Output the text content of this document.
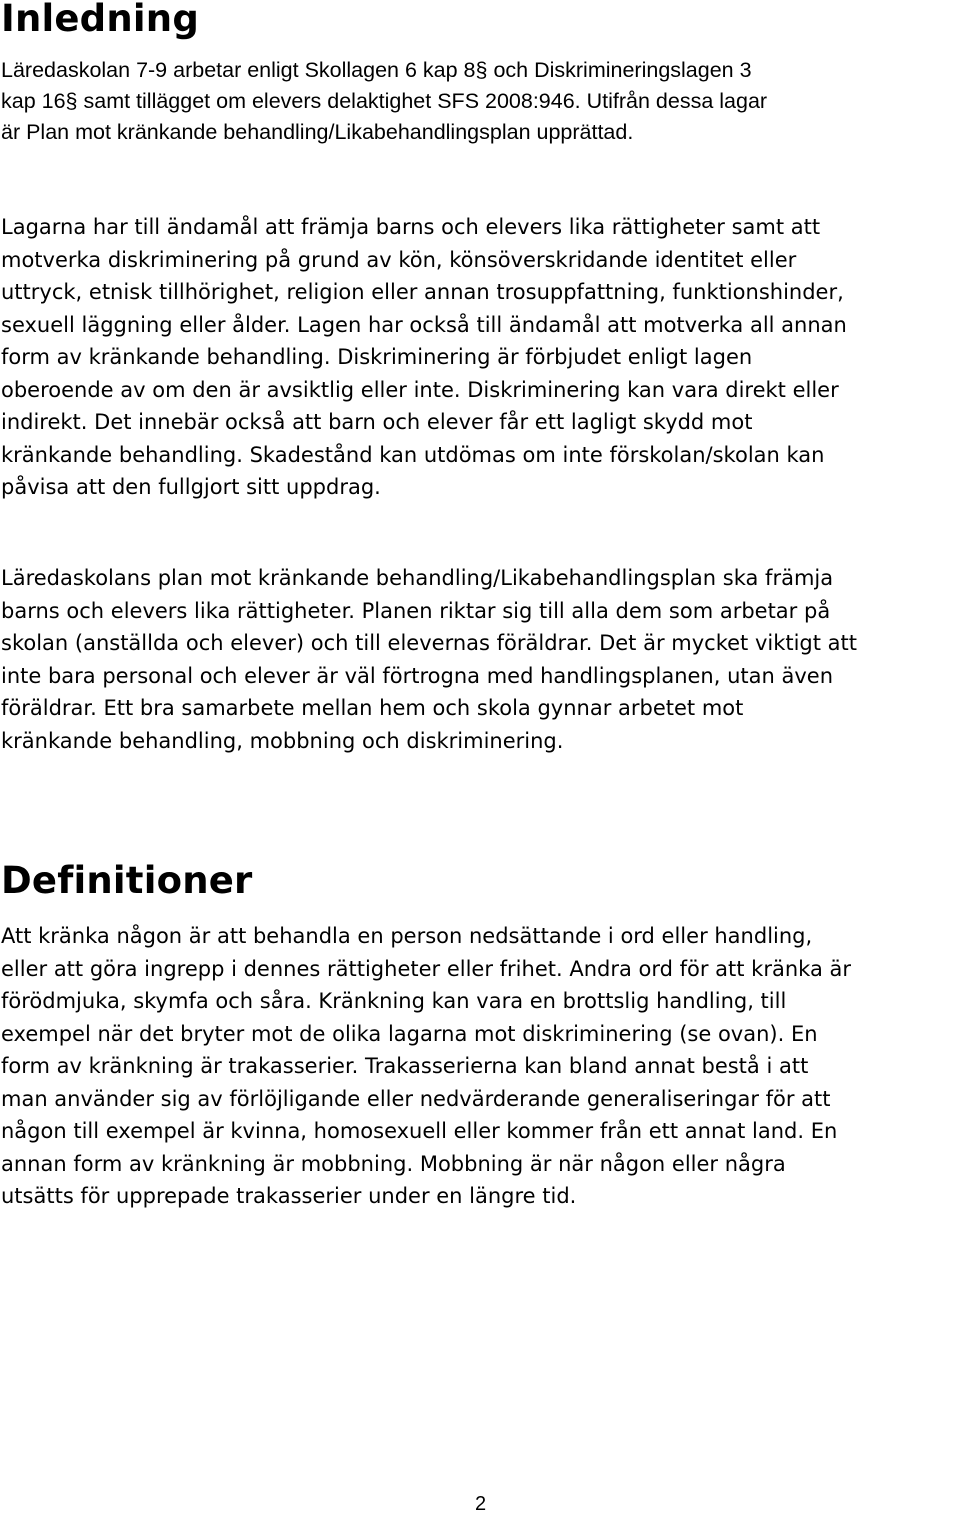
Inledning

Läredaskolan 7-9 arbetar enligt Skollagen 6 kap 8§ och Diskrimineringslagen 3
kap 16§ samt tillägget om elevers delaktighet SFS 2008:946. Utifrån dessa lagar
är Plan mot kränkande behandling/Likabehandlingsplan upprättad.

Lagarna har till ändamål att främja barns och elevers lika rättigheter samt att
motverka diskriminering på grund av kön, könsöverskridande identitet eller
uttryck, etnisk tillhörighet, religion eller annan trosuppfattning, funktionshinder,
sexuell läggning eller ålder. Lagen har också till ändamål att motverka all annan
form av kränkande behandling. Diskriminering är förbjudet enligt lagen
oberoende av om den är avsiktlig eller inte. Diskriminering kan vara direkt eller
indirekt. Det innebär också att barn och elever får ett lagligt skydd mot
kränkande behandling. Skadestånd kan utdömas om inte förskolan/skolan kan
påvisa att den fullgjort sitt uppdrag.

Läredaskolans plan mot kränkande behandling/Likabehandlingsplan ska främja
barns och elevers lika rättigheter. Planen riktar sig till alla dem som arbetar på
skolan (anställda och elever) och till elevernas föräldrar. Det är mycket viktigt att
inte bara personal och elever är väl förtrogna med handlingsplanen, utan även
föräldrar. Ett bra samarbete mellan hem och skola gynnar arbetet mot
kränkande behandling, mobbning och diskriminering.

Definitioner

Att kränka någon är att behandla en person nedsättande i ord eller handling,
eller att göra ingrepp i dennes rättigheter eller frihet. Andra ord för att kränka är
förödmjuka, skymfa och såra. Kränkning kan vara en brottslig handling, till
exempel när det bryter mot de olika lagarna mot diskriminering (se ovan). En
form av kränkning är trakasserier. Trakasserierna kan bland annat bestå i att
man använder sig av förlöjligande eller nedvärderande generaliseringar för att
någon till exempel är kvinna, homosexuell eller kommer från ett annat land. En
annan form av kränkning är mobbning. Mobbning är när någon eller några
utsätts för upprepade trakasserier under en längre tid.

2
